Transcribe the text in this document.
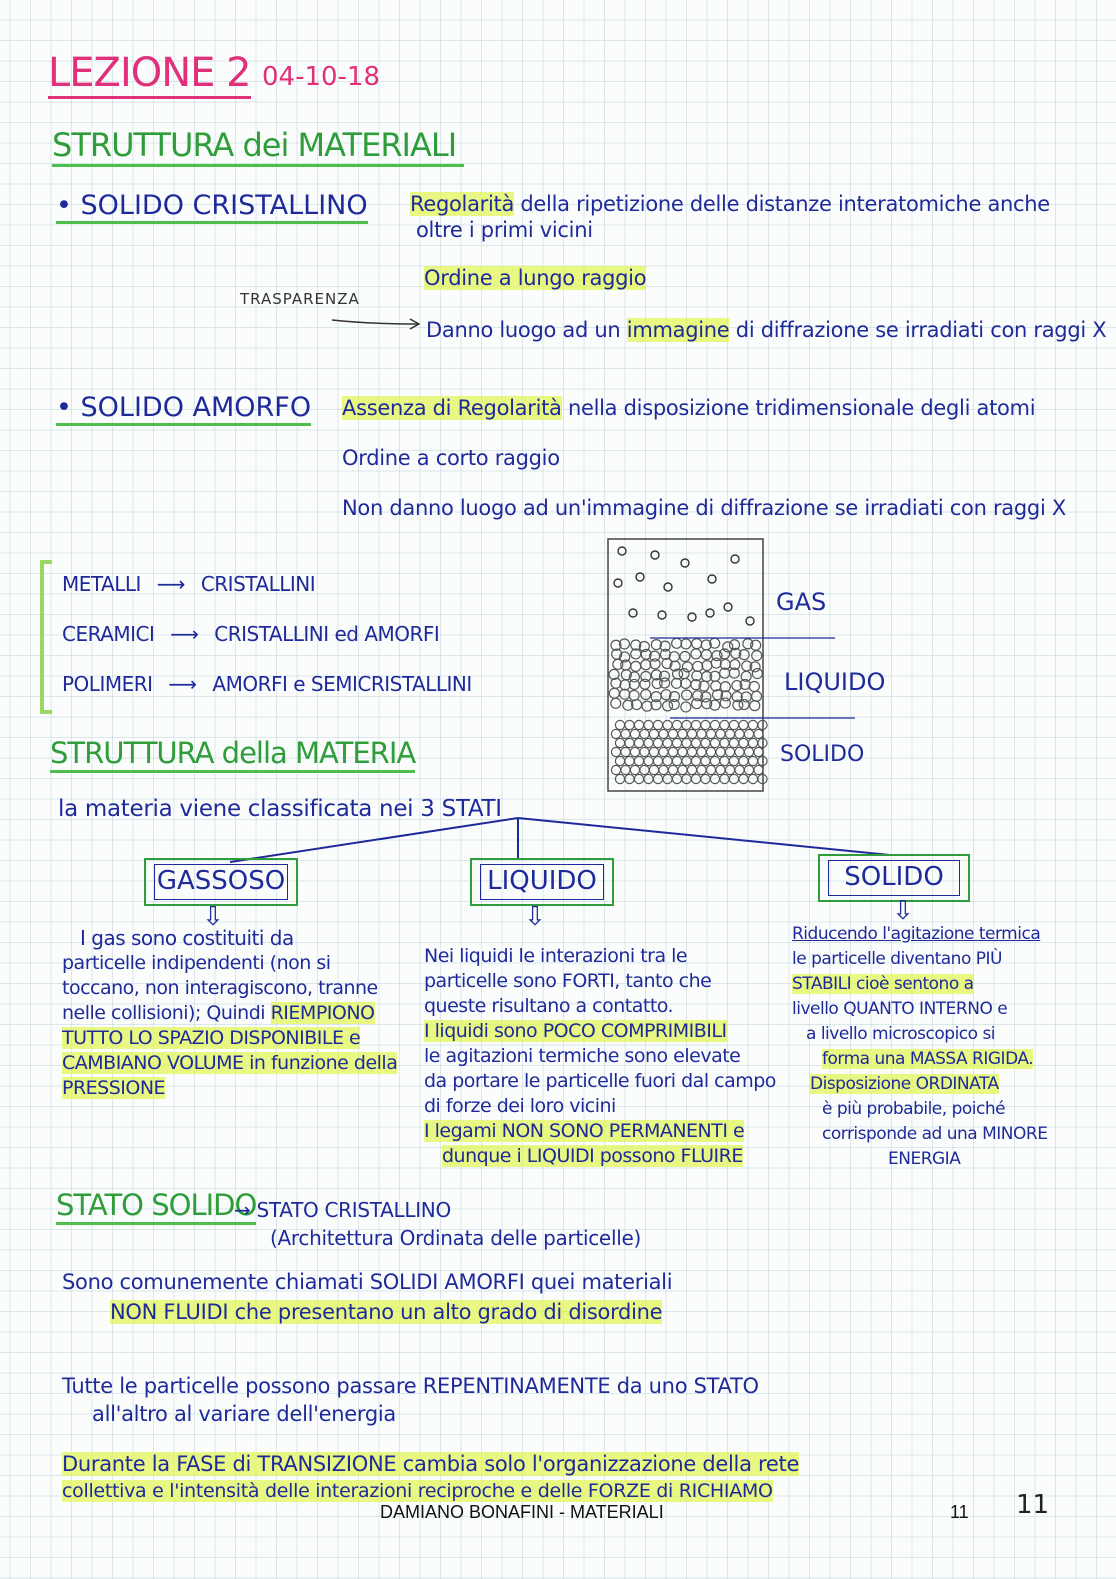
LEZIONE 2 04-10-18
STRUTTURA dei MATERIALI
• SOLIDO CRISTALLINO Regolarità della ripetizione delle distanze interatomiche anche
oltre i primi vicini
Ordine a lungo raggio
TRASPARENZA
Danno luogo ad un immagine di diffrazione se irradiati con raggi X
• SOLIDO AMORFO Assenza di Regolarità nella disposizione tridimensionale degli atomi
Ordine a corto raggio
Non danno luogo ad un'immagine di diffrazione se irradiati con raggi X
METALLI ⟶ CRISTALLINI
CERAMICI ⟶ CRISTALLINI ed AMORFI
POLIMERI ⟶ AMORFI e SEMICRISTALLINI
GAS
LIQUIDO
SOLIDO
STRUTTURA della MATERIA
la materia viene classificata nei 3 STATI
GASSOSO	LIQUIDO	SOLIDO
⇩	⇩	⇩
I gas sono costituiti da
particelle indipendenti (non si
toccano, non interagiscono, tranne
nelle collisioni); Quindi RIEMPIONO
TUTTO LO SPAZIO DISPONIBILE e
CAMBIANO VOLUME in funzione della
PRESSIONE
Nei liquidi le interazioni tra le
particelle sono FORTI, tanto che
queste risultano a contatto.
I liquidi sono POCO COMPRIMIBILI
le agitazioni termiche sono elevate
da portare le particelle fuori dal campo
di forze dei loro vicini
I legami NON SONO PERMANENTI e
dunque i LIQUIDI possono FLUIRE
Riducendo l'agitazione termica
le particelle diventano PIÙ
STABILI cioè sentono a
livello QUANTO INTERNO e
a livello microscopico si
forma una MASSA RIGIDA.
Disposizione ORDINATA
è più probabile, poiché
corrisponde ad una MINORE
ENERGIA
STATO SOLIDO
→ STATO CRISTALLINO
(Architettura Ordinata delle particelle)
Sono comunemente chiamati SOLIDI AMORFI quei materiali
NON FLUIDI che presentano un alto grado di disordine
Tutte le particelle possono passare REPENTINAMENTE da uno STATO
all'altro al variare dell'energia
Durante la FASE di TRANSIZIONE cambia solo l'organizzazione della rete
collettiva e l'intensità delle interazioni reciproche e delle FORZE di RICHIAMO
DAMIANO BONAFINI - MATERIALI	11 11
